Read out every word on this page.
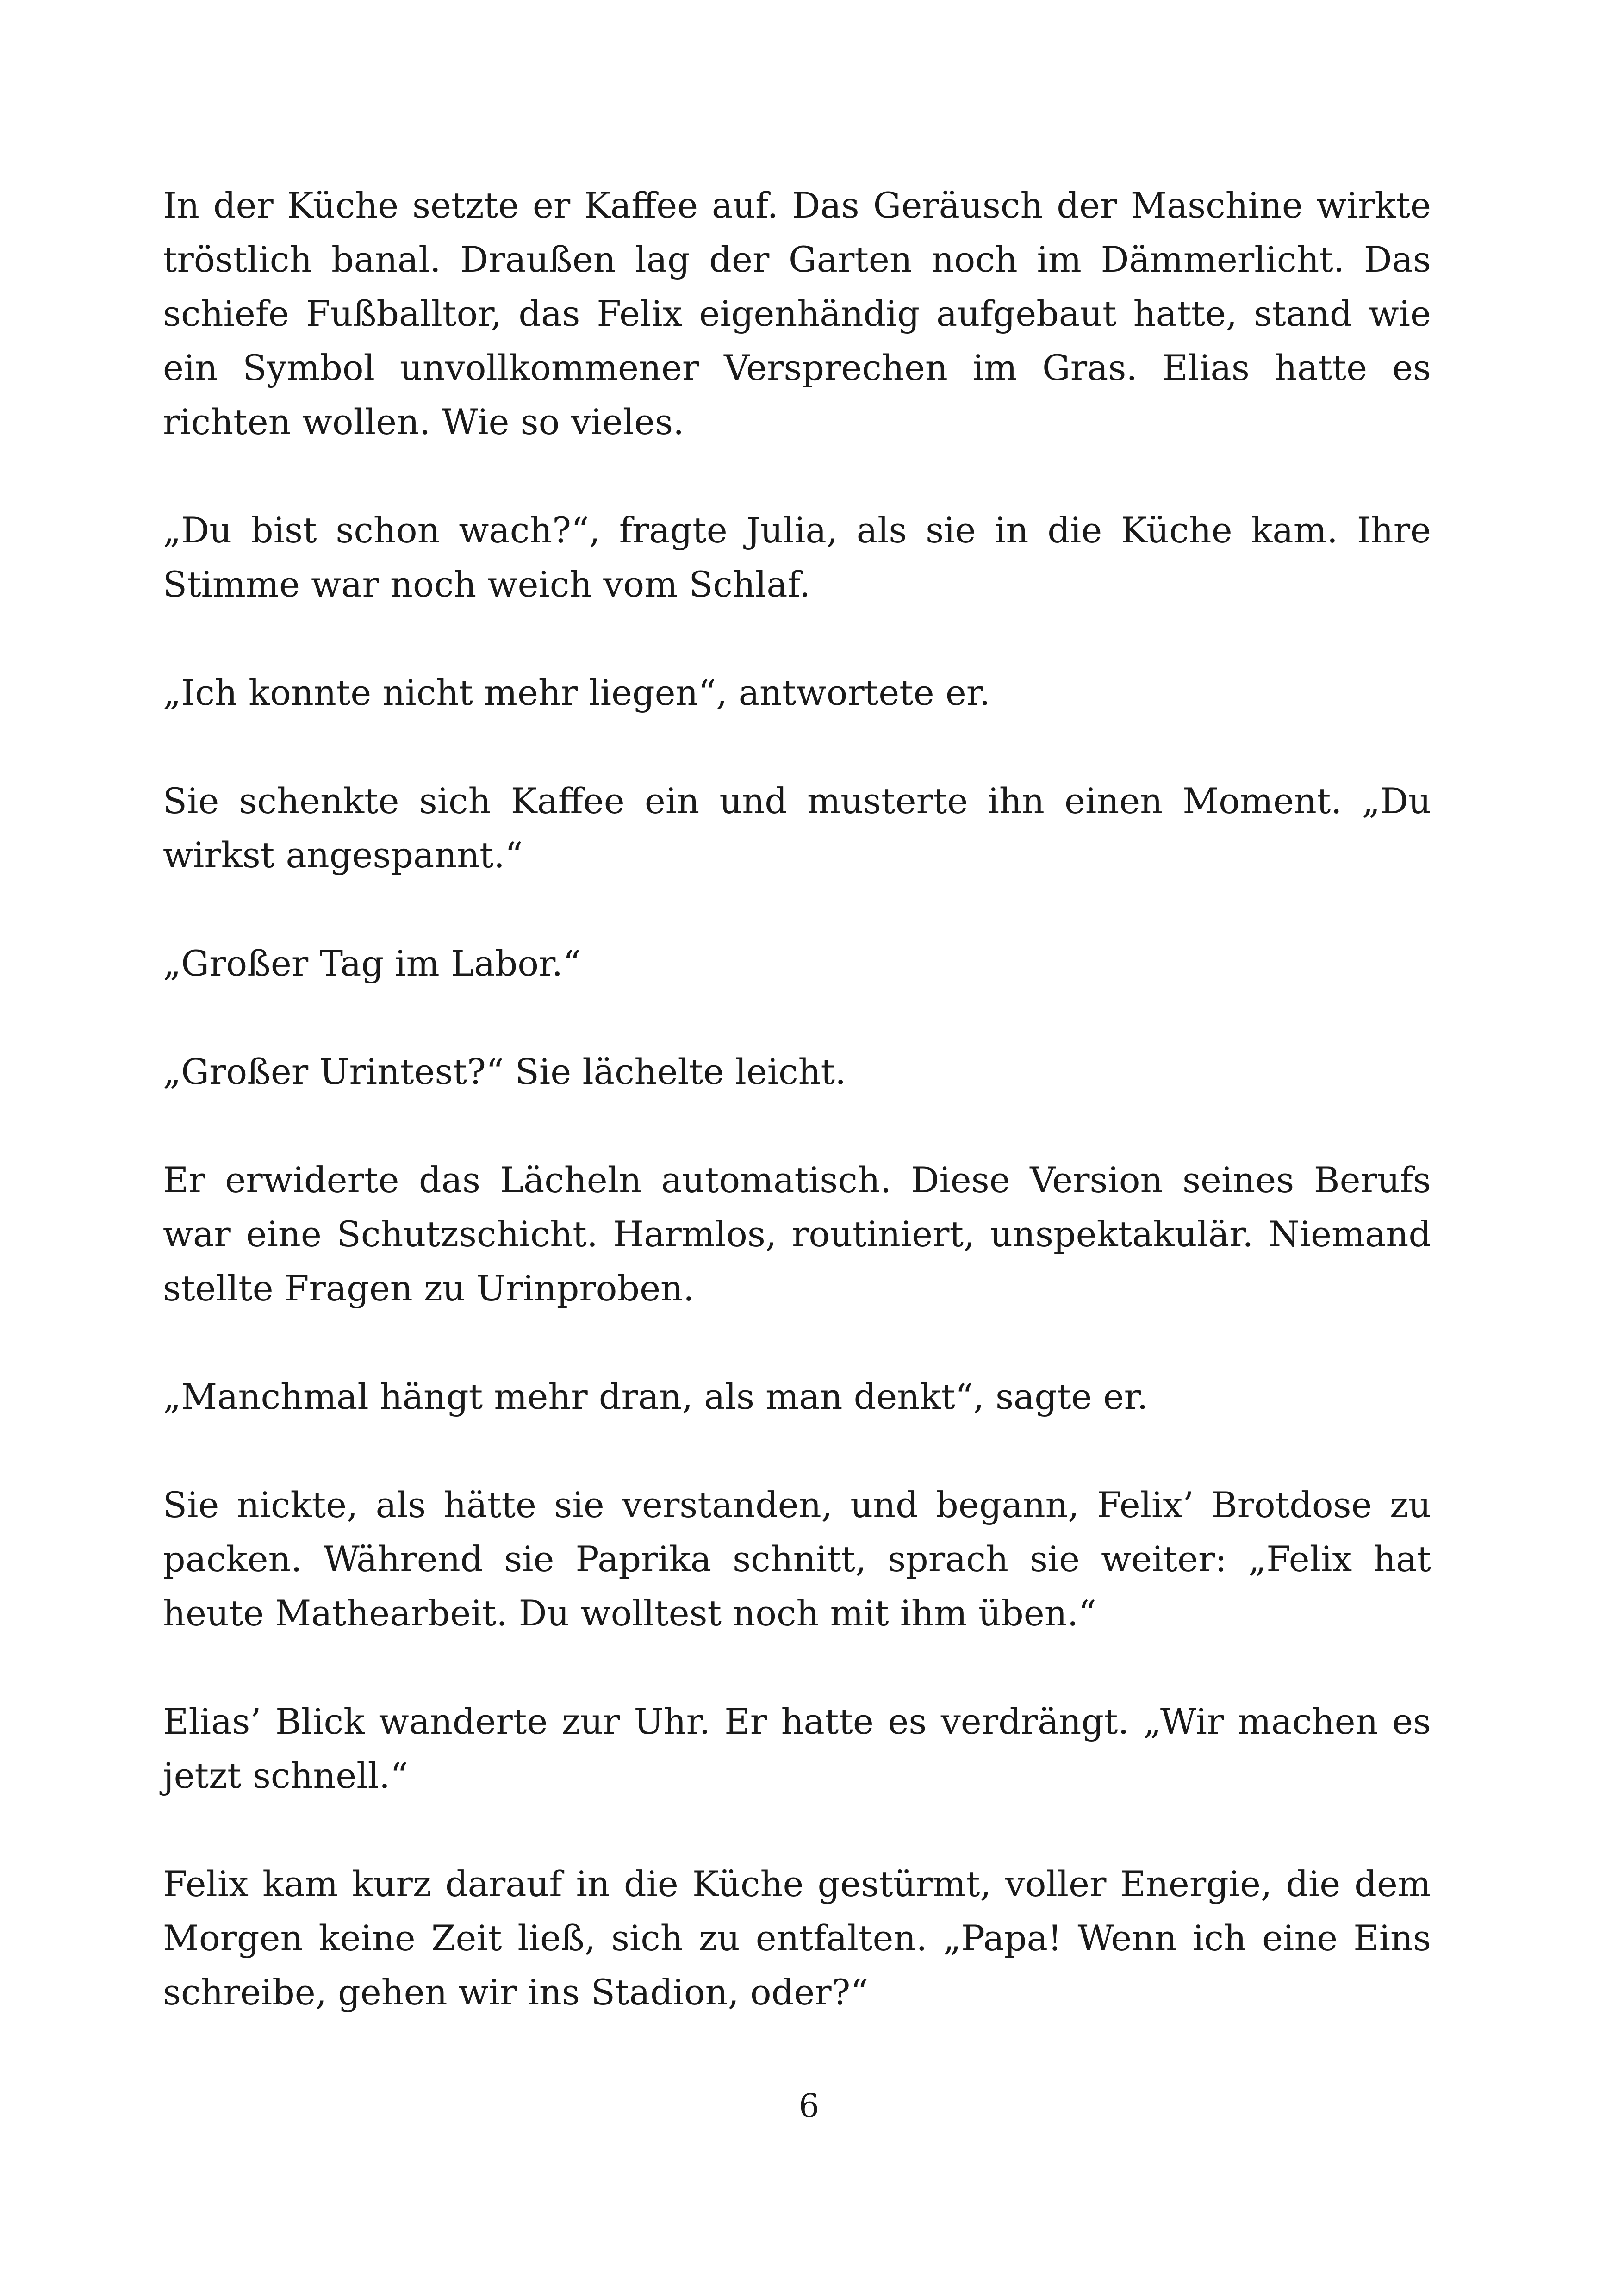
In der Küche setzte er Kaffee auf. Das Geräusch der Maschine wirkte tröstlich banal. Draußen lag der Garten noch im Dämmerlicht. Das schiefe Fußballtor, das Felix eigenhändig aufgebaut hatte, stand wie ein Symbol unvollkommener Versprechen im Gras. Elias hatte es richten wollen. Wie so vieles.

„Du bist schon wach?“, fragte Julia, als sie in die Küche kam. Ihre Stimme war noch weich vom Schlaf.

„Ich konnte nicht mehr liegen“, antwortete er.

Sie schenkte sich Kaffee ein und musterte ihn einen Moment. „Du wirkst angespannt.“

„Großer Tag im Labor.“

„Großer Urintest?“ Sie lächelte leicht.

Er erwiderte das Lächeln automatisch. Diese Version seines Berufs war eine Schutzschicht. Harmlos, routiniert, unspektakulär. Niemand stellte Fragen zu Urinproben.

„Manchmal hängt mehr dran, als man denkt“, sagte er.

Sie nickte, als hätte sie verstanden, und begann, Felix’ Brotdose zu packen. Während sie Paprika schnitt, sprach sie weiter: „Felix hat heute Mathearbeit. Du wolltest noch mit ihm üben.“

Elias’ Blick wanderte zur Uhr. Er hatte es verdrängt. „Wir machen es jetzt schnell.“

Felix kam kurz darauf in die Küche gestürmt, voller Energie, die dem Morgen keine Zeit ließ, sich zu entfalten. „Papa! Wenn ich eine Eins schreibe, gehen wir ins Stadion, oder?“

6
